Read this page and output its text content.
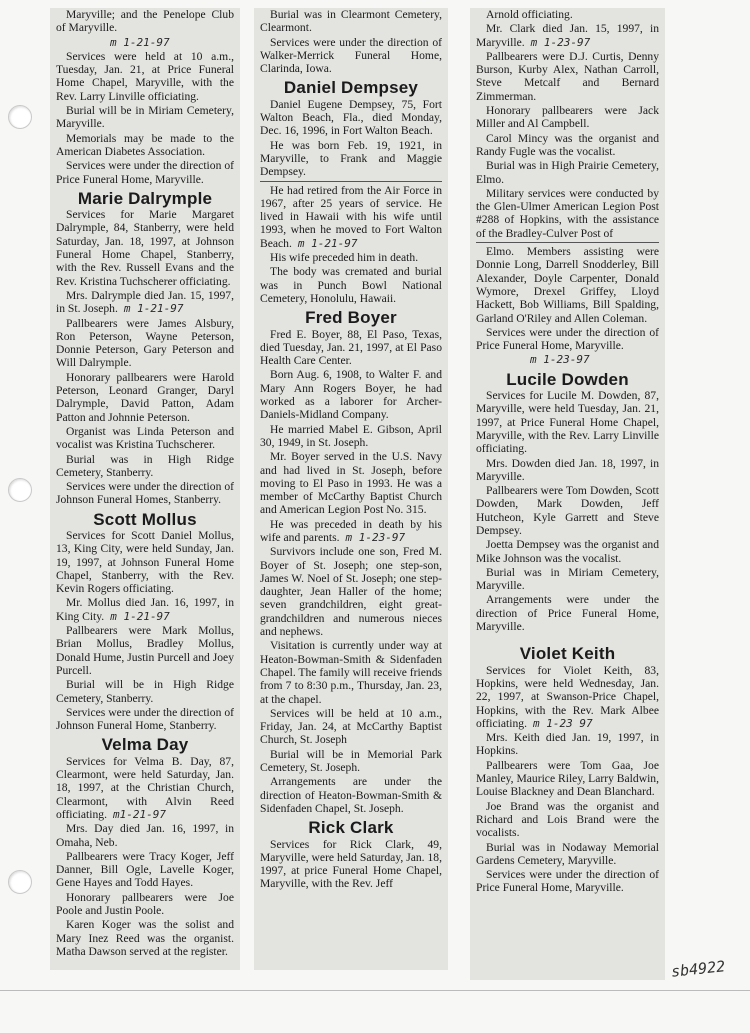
Maryville; and the Penelope Club of Maryville.

m 1-21-97

Services were held at 10 a.m., Tuesday, Jan. 21, at Price Funeral Home Chapel, Maryville, with the Rev. Larry Linville officiating.

Burial will be in Miriam Cemetery, Maryville.

Memorials may be made to the American Diabetes Association.

Services were under the direction of Price Funeral Home, Maryville.

Marie Dalrymple

Services for Marie Margaret Dalrymple, 84, Stanberry, were held Saturday, Jan. 18, 1997, at Johnson Funeral Home Chapel, Stanberry, with the Rev. Russell Evans and the Rev. Kristina Tuchscherer officiating.

Mrs. Dalrymple died Jan. 15, 1997, in St. Joseph. m 1-21-97

Pallbearers were James Alsbury, Ron Peterson, Wayne Peterson, Donnie Peterson, Gary Peterson and Will Dalrymple.

Honorary pallbearers were Harold Peterson, Leonard Granger, Daryl Dalrymple, David Patton, Adam Patton and Johnnie Peterson.

Organist was Linda Peterson and vocalist was Kristina Tuchscherer.

Burial was in High Ridge Cemetery, Stanberry.

Services were under the direction of Johnson Funeral Homes, Stanberry.

Scott Mollus

Services for Scott Daniel Mollus, 13, King City, were held Sunday, Jan. 19, 1997, at Johnson Funeral Home Chapel, Stanberry, with the Rev. Kevin Rogers officiating.

Mr. Mollus died Jan. 16, 1997, in King City. m 1-21-97

Pallbearers were Mark Mollus, Brian Mollus, Bradley Mollus, Donald Hume, Justin Purcell and Joey Purcell.

Burial will be in High Ridge Cemetery, Stanberry.

Services were under the direction of Johnson Funeral Home, Stanberry.

Velma Day

Services for Velma B. Day, 87, Clearmont, were held Saturday, Jan. 18, 1997, at the Christian Church, Clearmont, with Alvin Reed officiating. m1-21-97

Mrs. Day died Jan. 16, 1997, in Omaha, Neb.

Pallbearers were Tracy Koger, Jeff Danner, Bill Ogle, Lavelle Koger, Gene Hayes and Todd Hayes.

Honorary pallbearers were Joe Poole and Justin Poole.

Karen Koger was the solist and Mary Inez Reed was the organist. Matha Dawson served at the register.

Burial was in Clearmont Cemetery, Clearmont.

Services were under the direction of Walker-Merrick Funeral Home, Clarinda, Iowa.

Daniel Dempsey

Daniel Eugene Dempsey, 75, Fort Walton Beach, Fla., died Monday, Dec. 16, 1996, in Fort Walton Beach.

He was born Feb. 19, 1921, in Maryville, to Frank and Maggie Dempsey.

He had retired from the Air Force in 1967, after 25 years of service. He lived in Hawaii with his wife until 1993, when he moved to Fort Walton Beach. m 1-21-97

His wife preceded him in death.

The body was cremated and burial was in Punch Bowl National Cemetery, Honolulu, Hawaii.

Fred Boyer

Fred E. Boyer, 88, El Paso, Texas, died Tuesday, Jan. 21, 1997, at El Paso Health Care Center.

Born Aug. 6, 1908, to Walter F. and Mary Ann Rogers Boyer, he had worked as a laborer for Archer-Daniels-Midland Company.

He married Mabel E. Gibson, April 30, 1949, in St. Joseph.

Mr. Boyer served in the U.S. Navy and had lived in St. Joseph, before moving to El Paso in 1993. He was a member of McCarthy Baptist Church and American Legion Post No. 315.

He was preceded in death by his wife and parents. m 1-23-97

Survivors include one son, Fred M. Boyer of St. Joseph; one step-son, James W. Noel of St. Joseph; one step-daughter, Jean Haller of the home; seven grandchildren, eight great-grandchildren and numerous nieces and nephews.

Visitation is currently under way at Heaton-Bowman-Smith & Sidenfaden Chapel. The family will receive friends from 7 to 8:30 p.m., Thursday, Jan. 23, at the chapel.

Services will be held at 10 a.m., Friday, Jan. 24, at McCarthy Baptist Church, St. Joseph

Burial will be in Memorial Park Cemetery, St. Joseph.

Arrangements are under the direction of Heaton-Bowman-Smith & Sidenfaden Chapel, St. Joseph.

Rick Clark

Services for Rick Clark, 49, Maryville, were held Saturday, Jan. 18, 1997, at price Funeral Home Chapel, Maryville, with the Rev. Jeff

Arnold officiating.

Mr. Clark died Jan. 15, 1997, in Maryville. m 1-23-97

Pallbearers were D.J. Curtis, Denny Burson, Kurby Alex, Nathan Carroll, Steve Metcalf and Bernard Zimmerman.

Honorary pallbearers were Jack Miller and Al Campbell.

Carol Mincy was the organist and Randy Fugle was the vocalist.

Burial was in High Prairie Cemetery, Elmo.

Military services were conducted by the Glen-Ulmer American Legion Post #288 of Hopkins, with the assistance of the Bradley-Culver Post of

Elmo. Members assisting were Donnie Long, Darrell Snodderley, Bill Alexander, Doyle Carpenter, Donald Wymore, Drexel Griffey, Lloyd Hackett, Bob Williams, Bill Spalding, Garland O'Riley and Allen Coleman.

Services were under the direction of Price Funeral Home, Maryville.

m 1-23-97

Lucile Dowden

Services for Lucile M. Dowden, 87, Maryville, were held Tuesday, Jan. 21, 1997, at Price Funeral Home Chapel, Maryville, with the Rev. Larry Linville officiating.

Mrs. Dowden died Jan. 18, 1997, in Maryville.

Pallbearers were Tom Dowden, Scott Dowden, Mark Dowden, Jeff Hutcheon, Kyle Garrett and Steve Dempsey.

Joetta Dempsey was the organist and Mike Johnson was the vocalist.

Burial was in Miriam Cemetery, Maryville.

Arrangements were under the direction of Price Funeral Home, Maryville.

Violet Keith

Services for Violet Keith, 83, Hopkins, were held Wednesday, Jan. 22, 1997, at Swanson-Price Chapel, Hopkins, with the Rev. Mark Albee officiating. m 1-23 97

Mrs. Keith died Jan. 19, 1997, in Hopkins.

Pallbearers were Tom Gaa, Joe Manley, Maurice Riley, Larry Baldwin, Louise Blackney and Dean Blanchard.

Joe Brand was the organist and Richard and Lois Brand were the vocalists.

Burial was in Nodaway Memorial Gardens Cemetery, Maryville.

Services were under the direction of Price Funeral Home, Maryville.

sb4922
